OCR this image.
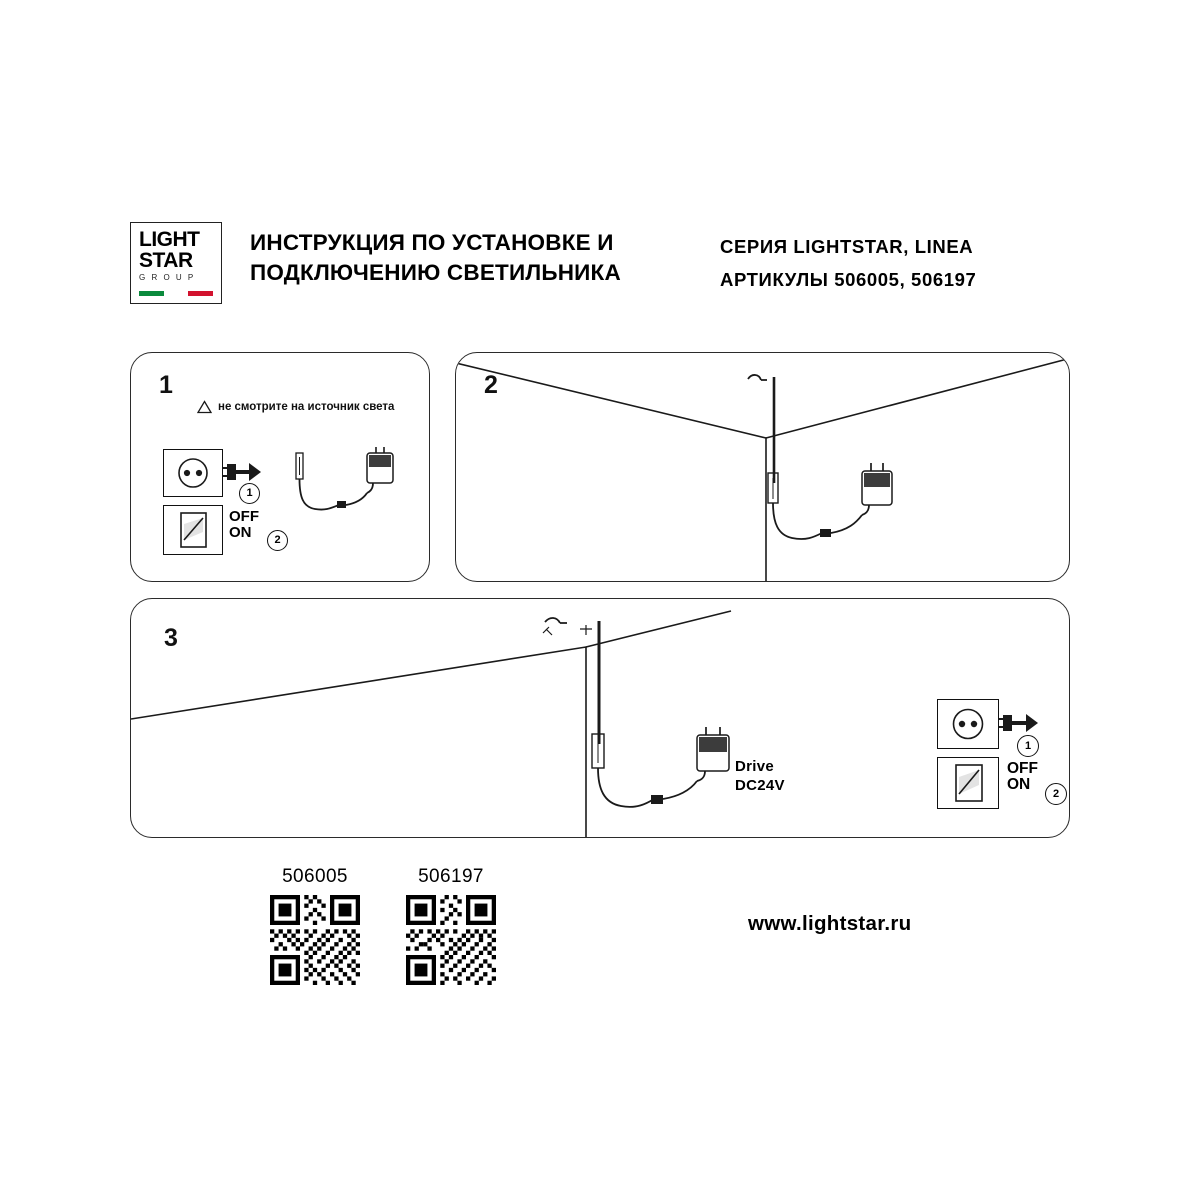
LIGHT
STAR
G R O U P
ИНСТРУКЦИЯ ПО УСТАНОВКЕ И ПОДКЛЮЧЕНИЮ СВЕТИЛЬНИКА
СЕРИЯ LIGHTSTAR, LINEA
АРТИКУЛЫ 506005, 506197
1
не смотрите на источник света
1
OFF
ON	2
2
3
Drive
DC24V
1
OFF
ON
2
506005	506197
www.lightstar.ru
